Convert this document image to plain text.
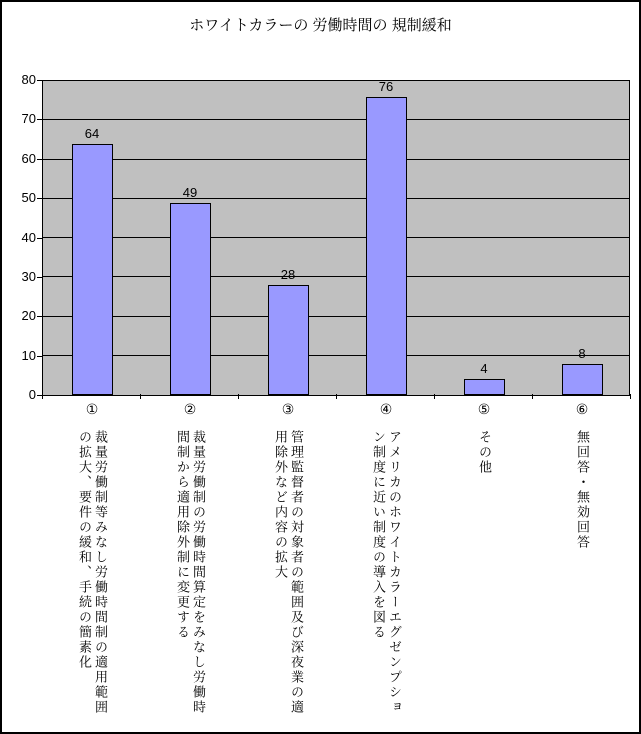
ホワイトカラーの 労働時間の 規制緩和
0
10
20
30
40
50
60
70
80
64
①
裁量労働制等みなし労働時間制の適用範囲の拡大、要件の緩和、手続の簡素化
49
②
裁量労働制の労働時間算定をみなし労働時間制から適用除外制に変更する
28
③
管理監督者の対象者の範囲及び深夜業の適用除外など内容の拡大
76
④
アメリカのホワイトカラーエグゼンプション制度に近い制度の導入を図る
4
⑤
その他
8
⑥
無回答・無効回答
